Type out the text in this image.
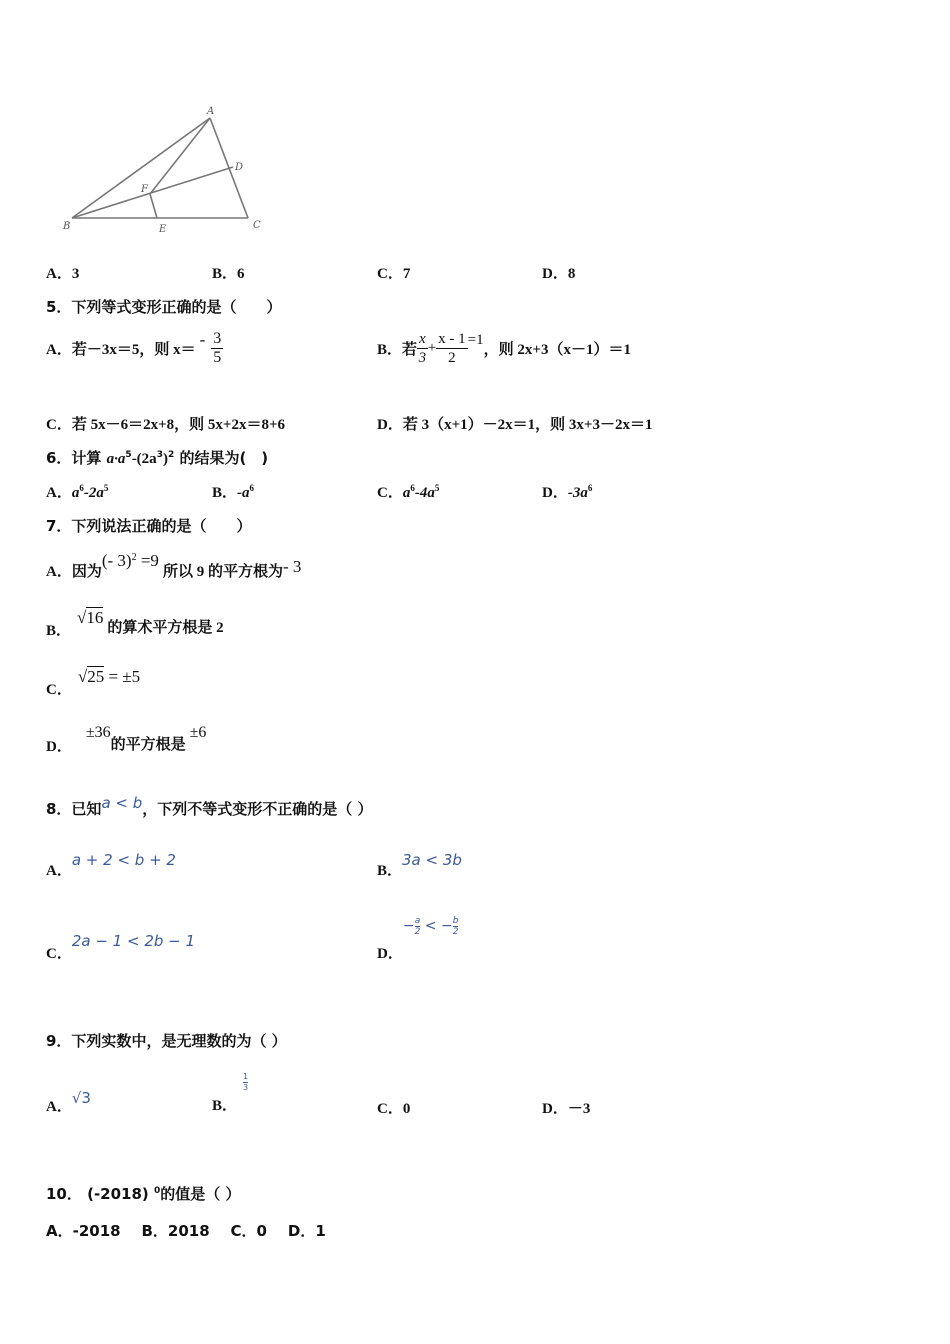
A
B	C
D
E
F
A．3	B．6	C．7	D．8
5．下列等式变形正确的是（　　）
A．若－3x＝5，则 $x=- \frac{3}{5}$	B．若 $\frac{x}{3} + \frac{x - 1}{2} =1$，则 2x+3（x－1）＝1
C．若 5x－6＝2x+8，则 5x+2x＝8+6	D．若 3（x+1）－2x＝1，则 3x+3－2x＝1
6．计算 $a\cdot a^5-(2a^3)^2$ 的结果为(　)
A．$a^6-2a^5$	B．$-a^6$	C．$a^6-4a^5$	D．$-3a^6$
7．下列说法正确的是（　　）
A．因为(- 3)$^2$ =9所以 9 的平方根为- 3
B．√16的算术平方根是 2
C．√25 = ±5
D．±36的平方根是±6
8．已知a < b，下列不等式变形不正确的是（ ）
A．a + 2 < b + 2
B．3a < 3b
C．2a − 1 < 2b − 1
D．− $\frac{a}{2}$ < − $\frac{b}{2}$
9．下列实数中，是无理数的为（ ）
A．√3	B．
$\frac{1}{3}$
C．0	D．－3
10． (-2018) $^0$的值是（ ）
A．-2018    B．2018    C．0    D．1
